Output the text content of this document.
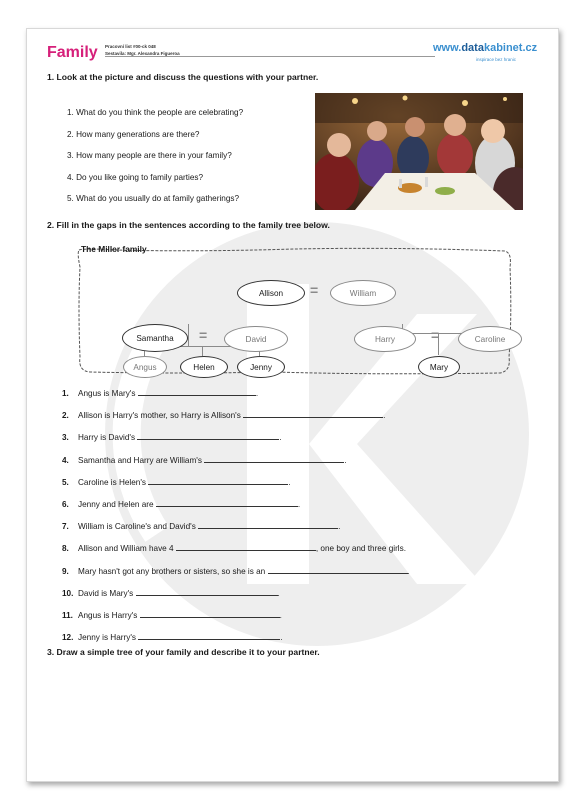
Family Pracovní list #00-ck 048
Sestavila: Mgr. Alexandra Figueroa	www.datakabinet.cz
inspirace bez hranic
1. Look at the picture and discuss the questions with your partner.
1. What do you think the people are celebrating?
2. How many generations are there?
3. How many people are there in your family?
4. Do you like going to family parties?
5. What do you usually do at family gatherings?
2. Fill in the gaps in the sentences according to the family tree below.
The Miller family
Allison	=	William
Samantha	=	David	Harry	=	Caroline
Angus	Helen	Jenny	Mary
1. Angus is Mary's	.
2. Allison is Harry's mother, so Harry is Allison's	.
3. Harry is David's	.
4. Samantha and Harry are William's	.
5. Caroline is Helen's	.
6. Jenny and Helen are	.
7. William is Caroline's and David's	.
8. Allison and William have 4	, one boy and three girls.
9. Mary hasn't got any brothers or sisters, so she is an	.
10. David is Mary's	.
11. Angus is Harry's	.
12. Jenny is Harry's	.
3. Draw a simple tree of your family and describe it to your partner.
